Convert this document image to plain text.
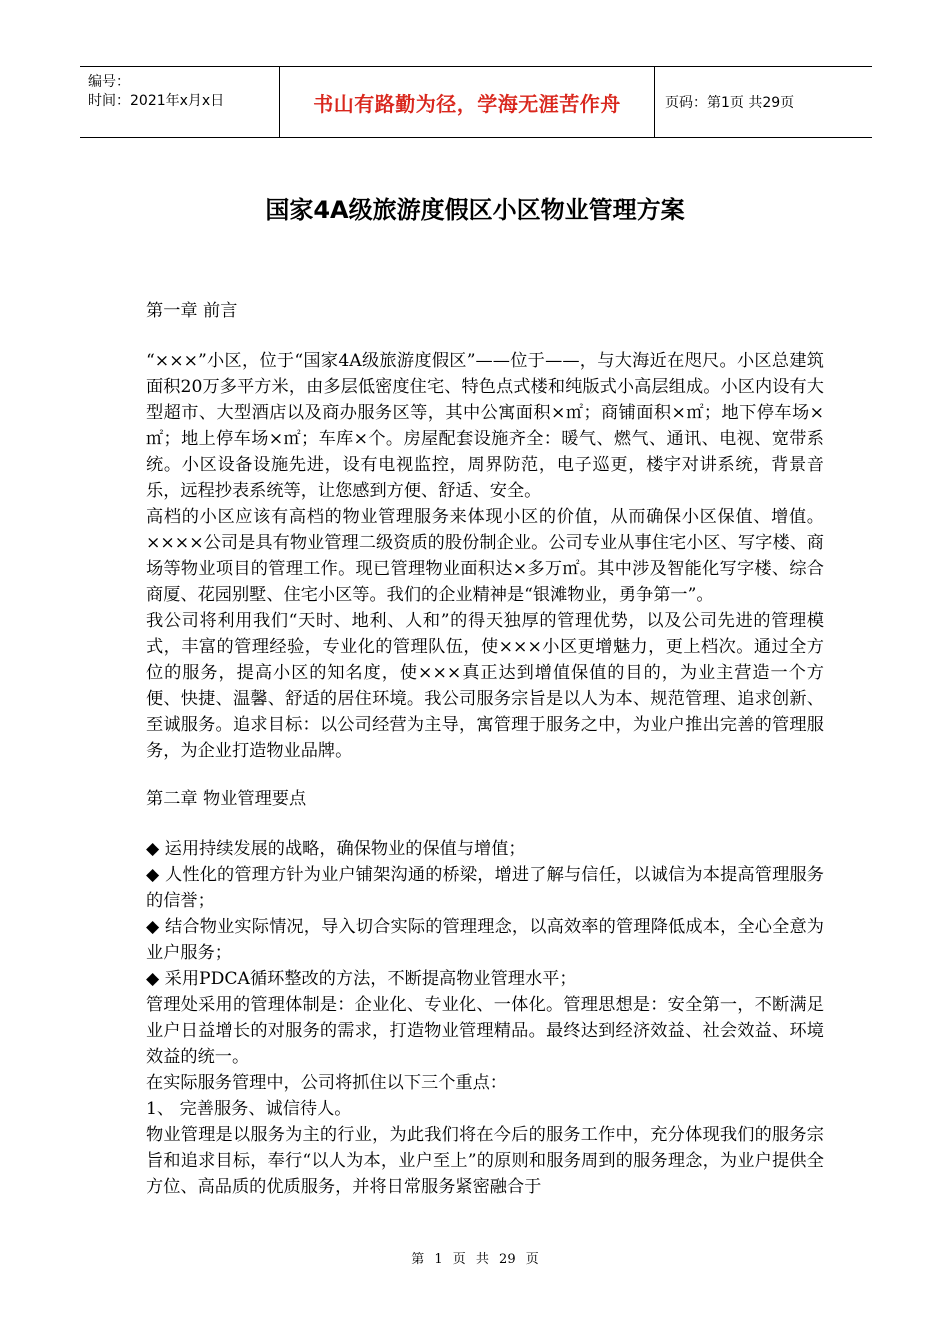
编号：
时间：2021年x月x日	书山有路勤为径，学海无涯苦作舟	页码：第1页 共29页
国家4A级旅游度假区小区物业管理方案

第一章 前言

“×××”小区，位于“国家4A级旅游度假区”——位于——，与大海近在咫尺。小区总建筑面积20万多平方米，由多层低密度住宅、特色点式楼和纯版式小高层组成。小区内设有大型超市、大型酒店以及商办服务区等，其中公寓面积×㎡；商铺面积×㎡；地下停车场×㎡；地上停车场×㎡；车库×个。房屋配套设施齐全：暖气、燃气、通讯、电视、宽带系统。小区设备设施先进，设有电视监控，周界防范，电子巡更，楼宇对讲系统，背景音乐，远程抄表系统等，让您感到方便、舒适、安全。

高档的小区应该有高档的物业管理服务来体现小区的价值，从而确保小区保值、增值。××××公司是具有物业管理二级资质的股份制企业。公司专业从事住宅小区、写字楼、商场等物业项目的管理工作。现已管理物业面积达×多万㎡。其中涉及智能化写字楼、综合商厦、花园别墅、住宅小区等。我们的企业精神是“银滩物业，勇争第一”。

我公司将利用我们“天时、地利、人和”的得天独厚的管理优势，以及公司先进的管理模式，丰富的管理经验，专业化的管理队伍，使×××小区更增魅力，更上档次。通过全方位的服务，提高小区的知名度，使×××真正达到增值保值的目的，为业主营造一个方便、快捷、温馨、舒适的居住环境。我公司服务宗旨是以人为本、规范管理、追求创新、至诚服务。追求目标：以公司经营为主导，寓管理于服务之中，为业户推出完善的管理服务，为企业打造物业品牌。

第二章 物业管理要点

◆ 运用持续发展的战略，确保物业的保值与增值；

◆ 人性化的管理方针为业户铺架沟通的桥梁，增进了解与信任，以诚信为本提高管理服务的信誉；

◆ 结合物业实际情况，导入切合实际的管理理念，以高效率的管理降低成本，全心全意为业户服务；

◆ 采用PDCA循环整改的方法，不断提高物业管理水平；

管理处采用的管理体制是：企业化、专业化、一体化。管理思想是：安全第一，不断满足业户日益增长的对服务的需求，打造物业管理精品。最终达到经济效益、社会效益、环境效益的统一。

在实际服务管理中，公司将抓住以下三个重点：

1、 完善服务、诚信待人。

物业管理是以服务为主的行业，为此我们将在今后的服务工作中，充分体现我们的服务宗旨和追求目标，奉行“以人为本，业户至上”的原则和服务周到的服务理念，为业户提供全方位、高品质的优质服务，并将日常服务紧密融合于

第 1 页 共 29 页
